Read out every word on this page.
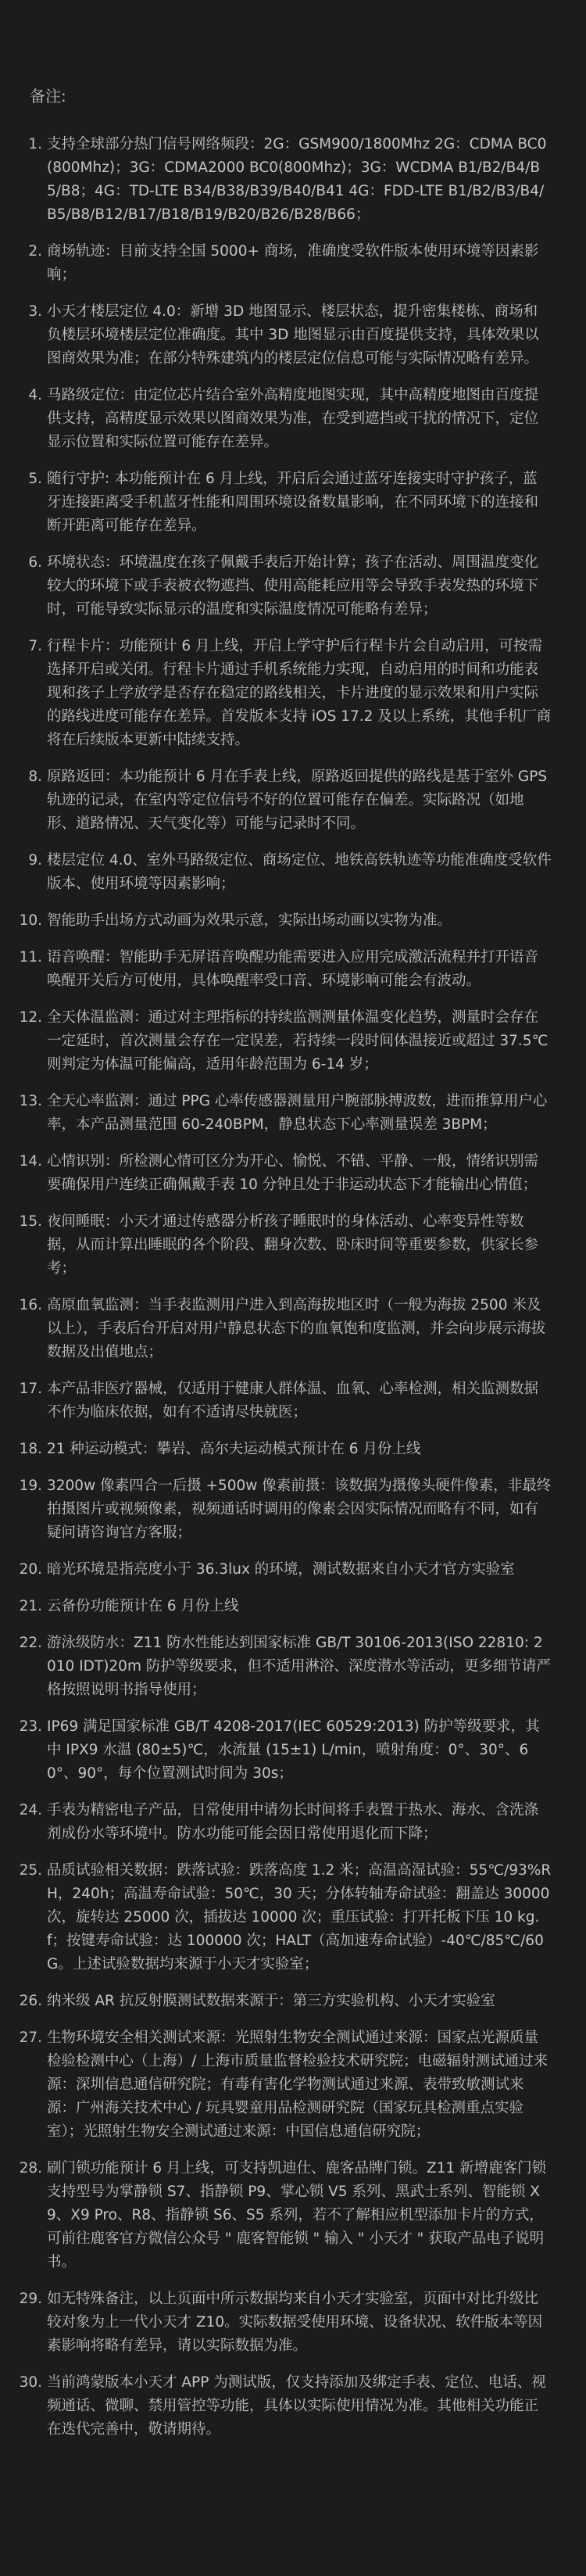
备注:
1. 支持全球部分热门信号网络频段：2G：GSM900/1800Mhz 2G：CDMA BC0(800Mhz)；3G：CDMA2000 BC0(800Mhz)；3G：WCDMA B1/B2/B4/B5/B8；4G：TD-LTE B34/B38/B39/B40/B41 4G：FDD-LTE B1/B2/B3/B4/B5/B8/B12/B17/B18/B19/B20/B26/B28/B66；
2. 商场轨迹：目前支持全国 5000+ 商场，准确度受软件版本使用环境等因素影响；
3. 小天才楼层定位 4.0：新增 3D 地图显示、楼层状态，提升密集楼栋、商场和负楼层环境楼层定位准确度。其中 3D 地图显示由百度提供支持，具体效果以图商效果为准；在部分特殊建筑内的楼层定位信息可能与实际情况略有差异。
4. 马路级定位：由定位芯片结合室外高精度地图实现，其中高精度地图由百度提供支持，高精度显示效果以图商效果为准，在受到遮挡或干扰的情况下，定位显示位置和实际位置可能存在差异。
5. 随行守护: 本功能预计在 6 月上线，开启后会通过蓝牙连接实时守护孩子，蓝牙连接距离受手机蓝牙性能和周围环境设备数量影响，在不同环境下的连接和断开距离可能存在差异。
6. 环境状态：环境温度在孩子佩戴手表后开始计算；孩子在活动、周围温度变化较大的环境下或手表被衣物遮挡、使用高能耗应用等会导致手表发热的环境下时，可能导致实际显示的温度和实际温度情况可能略有差异；
7. 行程卡片：功能预计 6 月上线，开启上学守护后行程卡片会自动启用，可按需选择开启或关闭。行程卡片通过手机系统能力实现，自动启用的时间和功能表现和孩子上学放学是否存在稳定的路线相关，卡片进度的显示效果和用户实际的路线进度可能存在差异。首发版本支持 iOS 17.2 及以上系统，其他手机厂商将在后续版本更新中陆续支持。
8. 原路返回：本功能预计 6 月在手表上线，原路返回提供的路线是基于室外 GPS 轨迹的记录，在室内等定位信号不好的位置可能存在偏差。实际路况（如地形、道路情况、天气变化等）可能与记录时不同。
9. 楼层定位 4.0、室外马路级定位、商场定位、地铁高铁轨迹等功能准确度受软件版本、使用环境等因素影响；
10. 智能助手出场方式动画为效果示意，实际出场动画以实物为准。
11. 语音唤醒：智能助手无屏语音唤醒功能需要进入应用完成激活流程并打开语音唤醒开关后方可使用，具体唤醒率受口音、环境影响可能会有波动。
12. 全天体温监测：通过对主理指标的持续监测测量体温变化趋势，测量时会存在一定延时，首次测量会存在一定误差，若持续一段时间体温接近或超过 37.5℃则判定为体温可能偏高，适用年龄范围为 6-14 岁；
13. 全天心率监测：通过 PPG 心率传感器测量用户腕部脉搏波数，进而推算用户心率，本产品测量范围 60-240BPM，静息状态下心率测量误差 3BPM；
14. 心情识别：所检测心情可区分为开心、愉悦、不错、平静、一般，情绪识别需要确保用户连续正确佩戴手表 10 分钟且处于非运动状态下才能输出心情值；
15. 夜间睡眠：小天才通过传感器分析孩子睡眠时的身体活动、心率变异性等数据，从而计算出睡眠的各个阶段、翻身次数、卧床时间等重要参数，供家长参考；
16. 高原血氧监测：当手表监测用户进入到高海拔地区时（一般为海拔 2500 米及以上），手表后台开启对用户静息状态下的血氧饱和度监测，并会向步展示海拔数据及出值地点；
17. 本产品非医疗器械，仅适用于健康人群体温、血氧、心率检测，相关监测数据不作为临床依据，如有不适请尽快就医；
18. 21 种运动模式：攀岩、高尔夫运动模式预计在 6 月份上线
19. 3200w 像素四合一后摄 +500w 像素前摄：该数据为摄像头硬件像素，非最终拍摄图片或视频像素，视频通话时调用的像素会因实际情况而略有不同，如有疑问请咨询官方客服；
20. 暗光环境是指亮度小于 36.3lux 的环境，测试数据来自小天才官方实验室
21. 云备份功能预计在 6 月份上线
22. 游泳级防水：Z11 防水性能达到国家标准 GB/T 30106-2013(ISO 22810: 2010 IDT)20m 防护等级要求，但不适用淋浴、深度潜水等活动，更多细节请严格按照说明书指导使用；
23. IP69 满足国家标准 GB/T 4208-2017(IEC 60529:2013) 防护等级要求，其中 IPX9 水温 (80±5)℃，水流量 (15±1) L/min，喷射角度：0°、30°、60°、90°，每个位置测试时间为 30s；
24. 手表为精密电子产品，日常使用中请勿长时间将手表置于热水、海水、含洗涤剂成份水等环境中。防水功能可能会因日常使用退化而下降；
25. 品质试验相关数据：跌落试验：跌落高度 1.2 米；高温高湿试验：55℃/93%RH，240h；高温寿命试验：50℃，30 天；分体转轴寿命试验：翻盖达 30000 次，旋转达 25000 次，插拔达 10000 次；重压试验：打开托板下压 10 kg.f；按键寿命试验：达 100000 次；HALT（高加速寿命试验）-40℃/85℃/60G。上述试验数据均来源于小天才实验室；
26. 纳米级 AR 抗反射膜测试数据来源于：第三方实验机构、小天才实验室
27. 生物环境安全相关测试来源：光照射生物安全测试通过来源：国家点光源质量检验检测中心（上海）/ 上海市质量监督检验技术研究院；电磁辐射测试通过来源：深圳信息通信研究院；有毒有害化学物测试通过来源、表带致敏测试来源：广州海关技术中心 / 玩具婴童用品检测研究院（国家玩具检测重点实验室）；光照射生物安全测试通过来源：中国信息通信研究院；
28. 刷门锁功能预计 6 月上线，可支持凯迪仕、鹿客品牌门锁。Z11 新增鹿客门锁支持型号为掌静锁 S7、指静锁 P9、掌心锁 V5 系列、黑武士系列、智能锁 X9、X9 Pro、R8、指静锁 S6、S5 系列，若不了解相应机型添加卡片的方式，可前往鹿客官方微信公众号 " 鹿客智能锁 " 输入 " 小天才 " 获取产品电子说明书。
29. 如无特殊备注，以上页面中所示数据均来自小天才实验室，页面中对比升级比较对象为上一代小天才 Z10。实际数据受使用环境、设备状况、软件版本等因素影响将略有差异，请以实际数据为准。
30. 当前鸿蒙版本小天才 APP 为测试版，仅支持添加及绑定手表、定位、电话、视频通话、微聊、禁用管控等功能，具体以实际使用情况为准。其他相关功能正在迭代完善中，敬请期待。
